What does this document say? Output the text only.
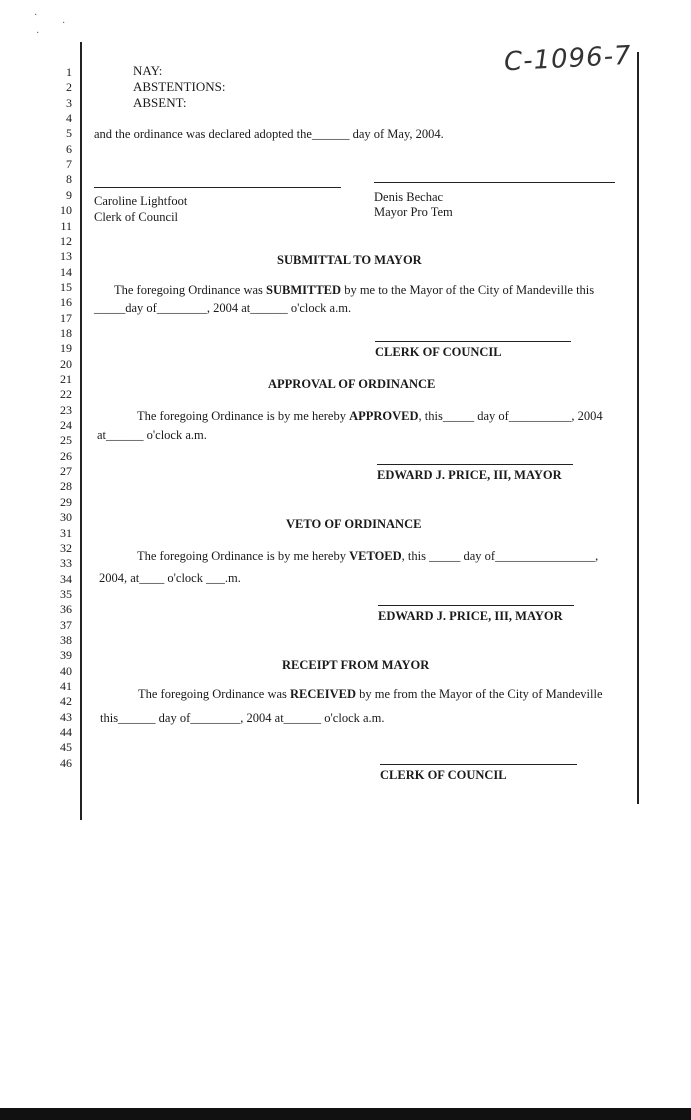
·
·
·
C-1096-7
1
2
3
4
5
6
7
8
9
10
11
12
13
14
15
16
17
18
19
20
21
22
23
24
25
26
27
28
29
30
31
32
33
34
35
36
37
38
39
40
41
42
43
44
45
46
NAY:
ABSTENTIONS:
ABSENT:
and the ordinance was declared adopted the______ day of May, 2004.
Caroline Lightfoot
Clerk of Council
Denis Bechac
Mayor Pro Tem
SUBMITTAL TO MAYOR
The foregoing Ordinance was SUBMITTED by me to the Mayor of the City of Mandeville this
_____day of________, 2004 at______ o'clock a.m.
CLERK OF COUNCIL
APPROVAL OF ORDINANCE
The foregoing Ordinance is by me hereby APPROVED, this_____ day of__________, 2004
at______ o'clock a.m.
EDWARD J. PRICE, III, MAYOR
VETO OF ORDINANCE
The foregoing Ordinance is by me hereby VETOED, this _____ day of________________,
2004, at____ o'clock ___.m.
EDWARD J. PRICE, III, MAYOR
RECEIPT FROM MAYOR
The foregoing Ordinance was RECEIVED by me from the Mayor of the City of Mandeville
this______ day of________, 2004 at______ o'clock a.m.
CLERK OF COUNCIL
